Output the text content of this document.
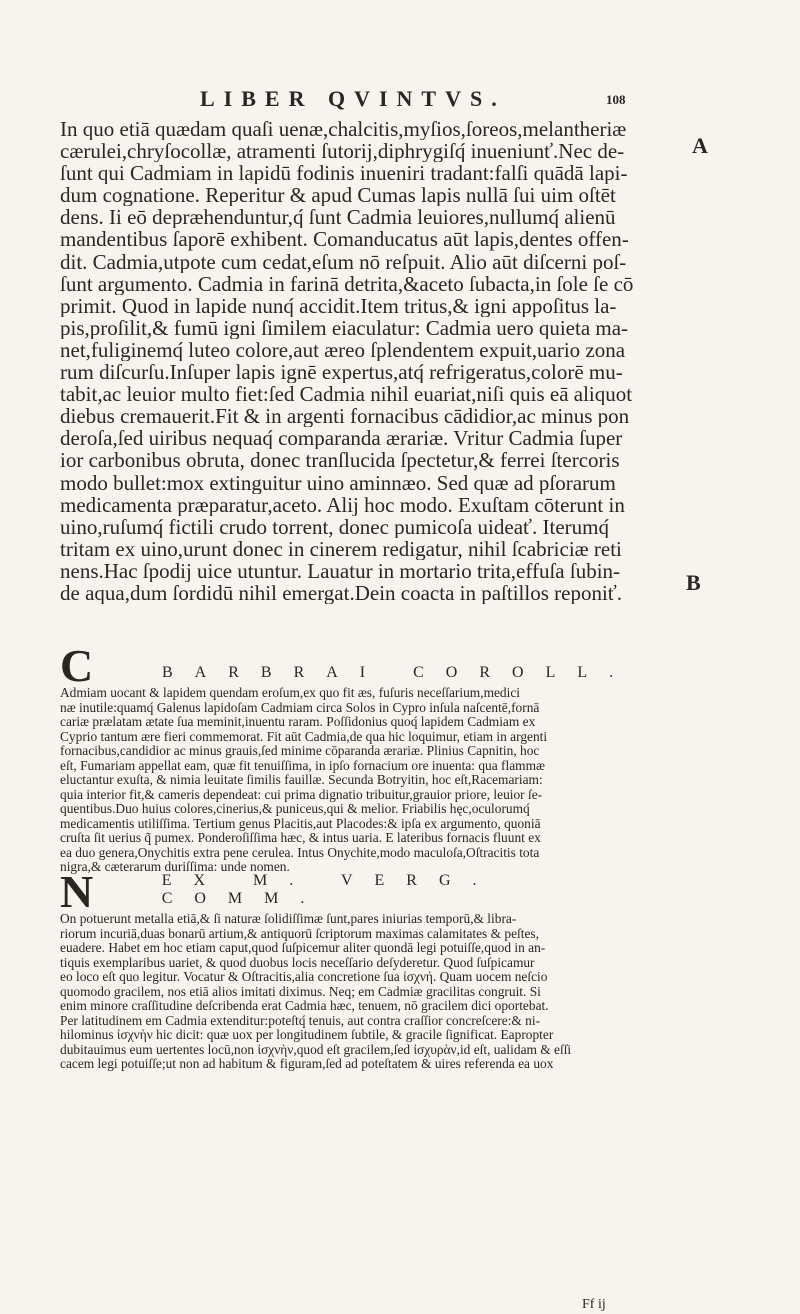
LIBER QVINTVS.	108
A
B
In quo etiā quædam quaſi uenæ,chalcitis,myſios,ſoreos,melantheriæ
cærulei,chryſocollæ, atramenti ſutorij,diphrygiſq́ inueniunť.Nec de-
ſunt qui Cadmiam in lapidū fodinis inueniri tradant:falſi quādā lapi-
dum cognatione. Reperitur & apud Cumas lapis nullā ſui uim oſtēt
dens. Ii eō depræhenduntur,q́ ſunt Cadmia leuiores,nullumq́ alienū
mandentibus ſaporē exhibent. Comanducatus aūt lapis,dentes offen-
dit. Cadmia,utpote cum cedat,eſum nō reſpuit. Alio aūt diſcerni poſ-
ſunt argumento. Cadmia in farinā detrita,&aceto ſubacta,in ſole ſe cō
primit. Quod in lapide nunq́ accidit.Item tritus,& igni appoſitus la-
pis,proſilit,& fumū igni ſimilem eiaculatur: Cadmia uero quieta ma-
net,fuliginemq́ luteo colore,aut æreo ſplendentem expuit,uario zona
rum diſcurſu.Inſuper lapis ignē expertus,atq́ refrigeratus,colorē mu-
tabit,ac leuior multo fiet:ſed Cadmia nihil euariat,niſi quis eā aliquot
diebus cremauerit.Fit & in argenti fornacibus cādidior,ac minus pon
deroſa,ſed uiribus nequaq́ comparanda ærariæ. Vritur Cadmia ſuper
ior carbonibus obruta, donec tranſlucida ſpectetur,& ferrei ſtercoris
modo bullet:mox extinguitur uino aminnæo. Sed quæ ad pſorarum
medicamenta præparatur,aceto. Alij hoc modo. Exuſtam cōterunt in
uino,ruſumq́ fictili crudo torrent, donec pumicoſa uideať. Iterumq́
tritam ex uino,urunt donec in cinerem redigatur, nihil ſcabriciæ reti
nens.Hac ſpodij uice utuntur. Lauatur in mortario trita,effuſa ſubin-
de aqua,dum ſordidū nihil emergat.Dein coacta in paſtillos reponiť.
C	BARBRAI COROLL.
Admiam uocant & lapidem quendam eroſum,ex quo fit æs, fuſuris neceſſarium,medici
næ inutile:quamq́ Galenus lapidoſam Cadmiam circa Solos in Cypro inſula naſcentē,fornā
cariæ prælatam ætate ſua meminit,inuentu raram. Poſſidonius quoq́ lapidem Cadmiam ex
Cyprio tantum ære fieri commemorat. Fit aūt Cadmia,de qua hic loquimur, etiam in argenti
fornacibus,candidior ac minus grauis,ſed minime cōparanda ærariæ. Plinius Capnitin, hoc
eſt, Fumariam appellat eam, quæ fit tenuiſſima, in ipſo fornacium ore inuenta: qua flammæ
eluctantur exuſta, & nimia leuitate ſimilis fauillæ. Secunda Botryitin, hoc eſt,Racemariam:
quia interior fit,& cameris dependeat: cui prima dignatio tribuitur,grauior priore, leuior ſe-
quentibus.Duo huius colores,cinerius,& puniceus,qui & melior. Friabilis hęc,oculorumq́
medicamentis utiliſſima. Tertium genus Placitis,aut Placodes:& ipſa ex argumento, quoniā
cruſta ſit uerius q̃ pumex. Ponderoſiſſima hæc, & intus uaria. E lateribus fornacis fluunt ex
ea duo genera,Onychitis extra pene cerulea. Intus Onychite,modo maculoſa,Oſtracitis tota
nigra,& cæterarum duriſſima: unde nomen.
N	EX M. VERG. COMM.
On potuerunt metalla etiā,& ſi naturæ ſolidiſſimæ ſunt,pares iniurias temporū,& libra-
riorum incuriā,duas bonarū artium,& antiquorū ſcriptorum maximas calamitates & peſtes,
euadere. Habet em hoc etiam caput,quod ſuſpicemur aliter quondā legi potuiſſe,quod in an-
tiquis exemplaribus uariet, & quod duobus locis neceſſario deſyderetur. Quod ſuſpicamur
eo loco eſt quo legitur. Vocatur & Oſtracitis,alia concretione ſua ἰσχνή. Quam uocem neſcio
quomodo gracilem, nos etiā alios imitati diximus. Neq; em Cadmiæ gracilitas congruit. Si
enim minore craſſitudine deſcribenda erat Cadmia hæc, tenuem, nō gracilem dici oportebat.
Per latitudinem em Cadmia extenditur:poteſtq́ tenuis, aut contra craſſior concreſcere:& ni-
hilominus ἰσχνὴν hic dicit: quæ uox per longitudinem ſubtile, & gracile ſignificat. Eapropter
dubitauimus eum uertentes locū,non ἰσχνὴν,quod eſt gracilem,ſed ἰσχυρὰν,id eſt, ualidam & eſſi
cacem legi potuiſſe;ut non ad habitum & figuram,ſed ad poteſtatem & uires referenda ea uox
Ff ij
